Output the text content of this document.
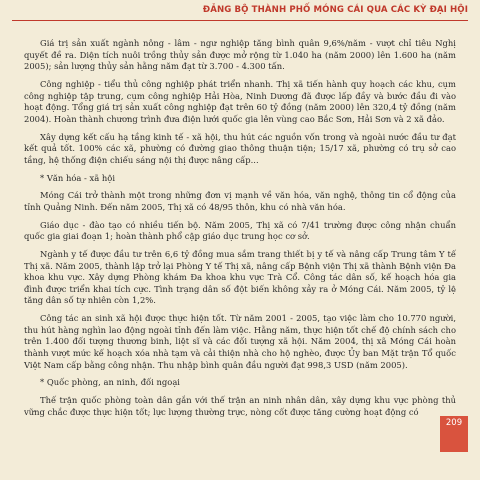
ĐẢNG BỘ THÀNH PHỐ MÓNG CÁI QUA CÁC KỲ ĐẠI HỘI

Giá trị sản xuất ngành nông - lâm - ngư nghiệp tăng bình quân 9,6%/năm - vượt chỉ tiêu Nghị quyết đề ra. Diện tích nuôi trồng thủy sản được mở rộng từ 1.040 ha (năm 2000) lên 1.600 ha (năm 2005); sản lượng thủy sản hằng năm đạt từ 3.700 - 4.300 tấn.

Công nghiệp - tiểu thủ công nghiệp phát triển nhanh. Thị xã tiến hành quy hoạch các khu, cụm công nghiệp tập trung, cụm công nghiệp Hải Hòa, Ninh Dương đã được lấp đầy và bước đầu đi vào hoạt động. Tổng giá trị sản xuất công nghiệp đạt trên 60 tỷ đồng (năm 2000) lên 320,4 tỷ đồng (năm 2004). Hoàn thành chương trình đưa điện lưới quốc gia lên vùng cao Bắc Sơn, Hải Sơn và 2 xã đảo.

Xây dựng kết cấu hạ tầng kinh tế - xã hội, thu hút các nguồn vốn trong và ngoài nước đầu tư đạt kết quả tốt. 100% các xã, phường có đường giao thông thuận tiện; 15/17 xã, phường có trụ sở cao tầng, hệ thống điện chiếu sáng nội thị được nâng cấp...

* Văn hóa - xã hội

Móng Cái trở thành một trong những đơn vị mạnh về văn hóa, văn nghệ, thông tin cổ động của tỉnh Quảng Ninh. Đến năm 2005, Thị xã có 48/95 thôn, khu có nhà văn hóa.

Giáo dục - đào tạo có nhiều tiến bộ. Năm 2005, Thị xã có 7/41 trường được công nhận chuẩn quốc gia giai đoạn 1; hoàn thành phổ cập giáo dục trung học cơ sở.

Ngành y tế được đầu tư trên 6,6 tỷ đồng mua sắm trang thiết bị y tế và nâng cấp Trung tâm Y tế Thị xã. Năm 2005, thành lập trở lại Phòng Y tế Thị xã, nâng cấp Bệnh viện Thị xã thành Bệnh viện Đa khoa khu vực. Xây dựng Phòng khám Đa khoa khu vực Trà Cổ. Công tác dân số, kế hoạch hóa gia đình được triển khai tích cực. Tình trạng dân số đột biến không xảy ra ở Móng Cái. Năm 2005, tỷ lệ tăng dân số tự nhiên còn 1,2%.

Công tác an sinh xã hội được thực hiện tốt. Từ năm 2001 - 2005, tạo việc làm cho 10.770 người, thu hút hàng nghìn lao động ngoài tỉnh đến làm việc. Hằng năm, thực hiện tốt chế độ chính sách cho trên 1.400 đối tượng thương binh, liệt sĩ và các đối tượng xã hội. Năm 2004, thị xã Móng Cái hoàn thành vượt mức kế hoạch xóa nhà tạm và cải thiện nhà cho hộ nghèo, được Ủy ban Mặt trận Tổ quốc Việt Nam cấp bằng công nhận. Thu nhập bình quân đầu người đạt 998,3 USD (năm 2005).

* Quốc phòng, an ninh, đối ngoại

Thế trận quốc phòng toàn dân gắn với thế trận an ninh nhân dân, xây dựng khu vực phòng thủ vững chắc được thực hiện tốt; lực lượng thường trực, nòng cốt được tăng cường hoạt động có

209
